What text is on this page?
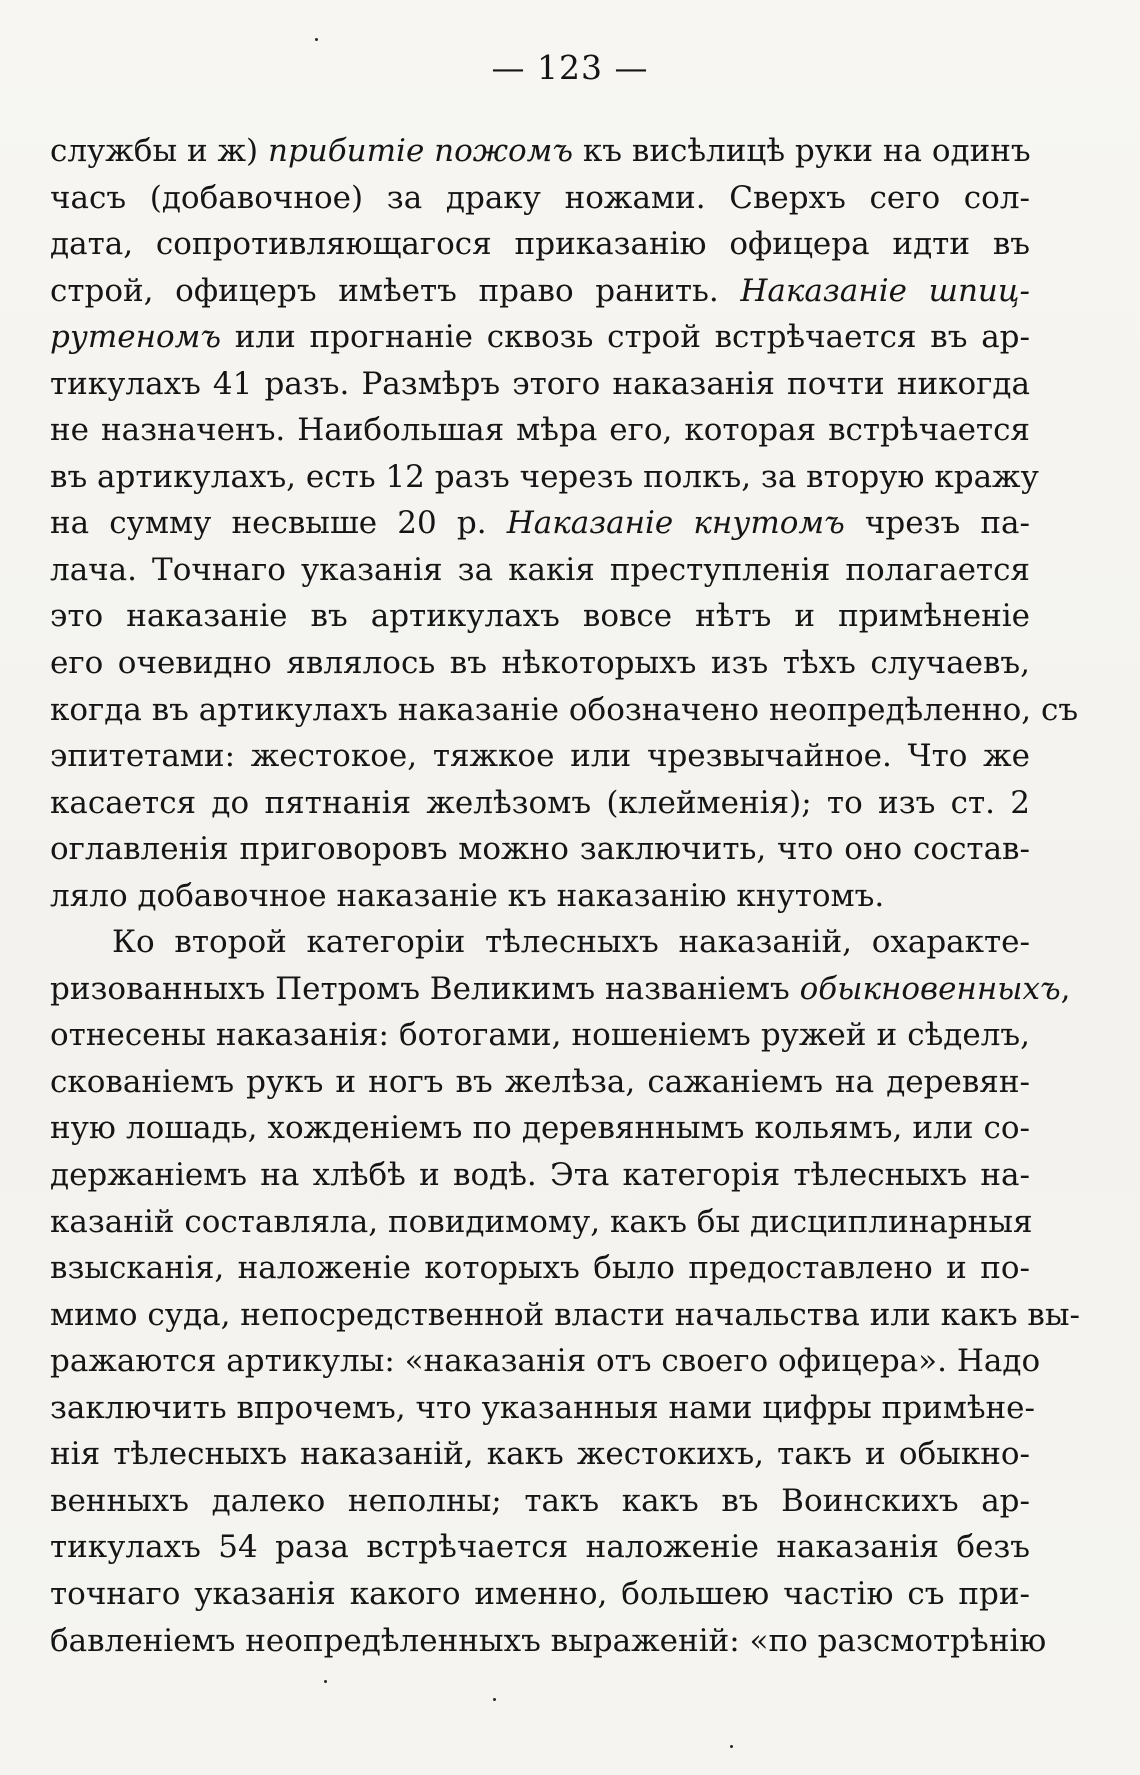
— 123 —
службы и ж) прибитіе пожомъ къ висѣлицѣ руки на одинъ
часъ (добавочное) за драку ножами. Сверхъ сего сол-
дата, сопротивляющагося приказанію офицера идти въ
строй, офицеръ имѣетъ право ранить. Наказаніе шпиц-
рутеномъ или прогнаніе сквозь строй встрѣчается въ ар-
тикулахъ 41 разъ. Размѣръ этого наказанія почти никогда
не назначенъ. Наибольшая мѣра его, которая встрѣчается
въ артикулахъ, есть 12 разъ черезъ полкъ, за вторую кражу
на сумму несвыше 20 р. Наказаніе кнутомъ чрезъ па-
лача. Точнаго указанія за какія преступленія полагается
это наказаніе въ артикулахъ вовсе нѣтъ и примѣненіе
его очевидно являлось въ нѣкоторыхъ изъ тѣхъ случаевъ,
когда въ артикулахъ наказаніе обозначено неопредѣленно, съ
эпитетами: жестокое, тяжкое или чрезвычайное. Что же
касается до пятнанія желѣзомъ (клейменія); то изъ ст. 2
оглавленія приговоровъ можно заключить, что оно состав-
ляло добавочное наказаніе къ наказанію кнутомъ.
Ко второй категоріи тѣлесныхъ наказаній, охаракте-
ризованныхъ Петромъ Великимъ названіемъ обыкновенныхъ,
отнесены наказанія: ботогами, ношеніемъ ружей и сѣделъ,
скованіемъ рукъ и ногъ въ желѣза, сажаніемъ на деревян-
ную лошадь, хожденіемъ по деревяннымъ кольямъ, или со-
держаніемъ на хлѣбѣ и водѣ. Эта категорія тѣлесныхъ на-
казаній составляла, повидимому, какъ бы дисциплинарныя
взысканія, наложеніе которыхъ было предоставлено и по-
мимо суда, непосредственной власти начальства или какъ вы-
ражаются артикулы: «наказанія отъ своего офицера». Надо
заключить впрочемъ, что указанныя нами цифры примѣне-
нія тѣлесныхъ наказаній, какъ жестокихъ, такъ и обыкно-
венныхъ далеко неполны; такъ какъ въ Воинскихъ ар-
тикулахъ 54 раза встрѣчается наложеніе наказанія безъ
точнаго указанія какого именно, большею частію съ при-
бавленіемъ неопредѣленныхъ выраженій: «по разсмотрѣнію
